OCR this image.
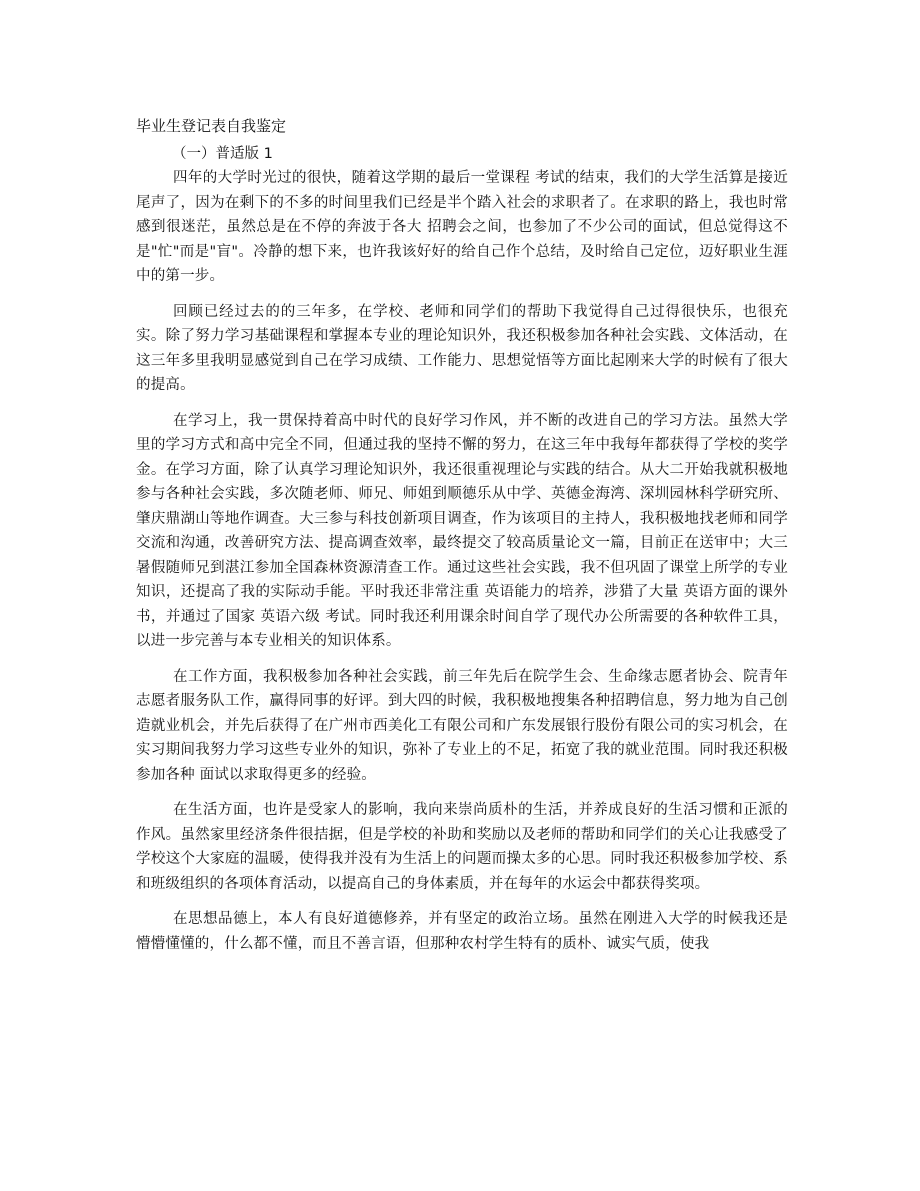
毕业生登记表自我鉴定
（一）普适版 1

四年的大学时光过的很快，随着这学期的最后一堂课程 考试的结束，我们的大学生活算是接近尾声了，因为在剩下的不多的时间里我们已经是半个踏入社会的求职者了。在求职的路上，我也时常感到很迷茫，虽然总是在不停的奔波于各大 招聘会之间，也参加了不少公司的面试，但总觉得这不是"忙"而是"盲"。冷静的想下来，也许我该好好的给自己作个总结，及时给自己定位，迈好职业生涯中的第一步。

回顾已经过去的的三年多，在学校、老师和同学们的帮助下我觉得自己过得很快乐，也很充实。除了努力学习基础课程和掌握本专业的理论知识外，我还积极参加各种社会实践、文体活动，在这三年多里我明显感觉到自己在学习成绩、工作能力、思想觉悟等方面比起刚来大学的时候有了很大的提高。

在学习上，我一贯保持着高中时代的良好学习作风，并不断的改进自己的学习方法。虽然大学里的学习方式和高中完全不同，但通过我的坚持不懈的努力，在这三年中我每年都获得了学校的奖学金。在学习方面，除了认真学习理论知识外，我还很重视理论与实践的结合。从大二开始我就积极地参与各种社会实践，多次随老师、师兄、师姐到顺德乐从中学、英德金海湾、深圳园林科学研究所、肇庆鼎湖山等地作调查。大三参与科技创新项目调查，作为该项目的主持人，我积极地找老师和同学交流和沟通，改善研究方法、提高调查效率，最终提交了较高质量论文一篇，目前正在送审中；大三暑假随师兄到湛江参加全国森林资源清查工作。通过这些社会实践，我不但巩固了课堂上所学的专业知识，还提高了我的实际动手能。平时我还非常注重 英语能力的培养，涉猎了大量 英语方面的课外书，并通过了国家 英语六级 考试。同时我还利用课余时间自学了现代办公所需要的各种软件工具，以进一步完善与本专业相关的知识体系。

在工作方面，我积极参加各种社会实践，前三年先后在院学生会、生命缘志愿者协会、院青年志愿者服务队工作，赢得同事的好评。到大四的时候，我积极地搜集各种招聘信息，努力地为自己创造就业机会，并先后获得了在广州市西美化工有限公司和广东发展银行股份有限公司的实习机会，在实习期间我努力学习这些专业外的知识，弥补了专业上的不足，拓宽了我的就业范围。同时我还积极参加各种 面试以求取得更多的经验。

在生活方面，也许是受家人的影响，我向来崇尚质朴的生活，并养成良好的生活习惯和正派的作风。虽然家里经济条件很拮据，但是学校的补助和奖励以及老师的帮助和同学们的关心让我感受了学校这个大家庭的温暖，使得我并没有为生活上的问题而操太多的心思。同时我还积极参加学校、系和班级组织的各项体育活动，以提高自己的身体素质，并在每年的水运会中都获得奖项。

在思想品德上，本人有良好道德修养，并有坚定的政治立场。虽然在刚进入大学的时候我还是懵懵懂懂的，什么都不懂，而且不善言语，但那种农村学生特有的质朴、诚实气质，使我
